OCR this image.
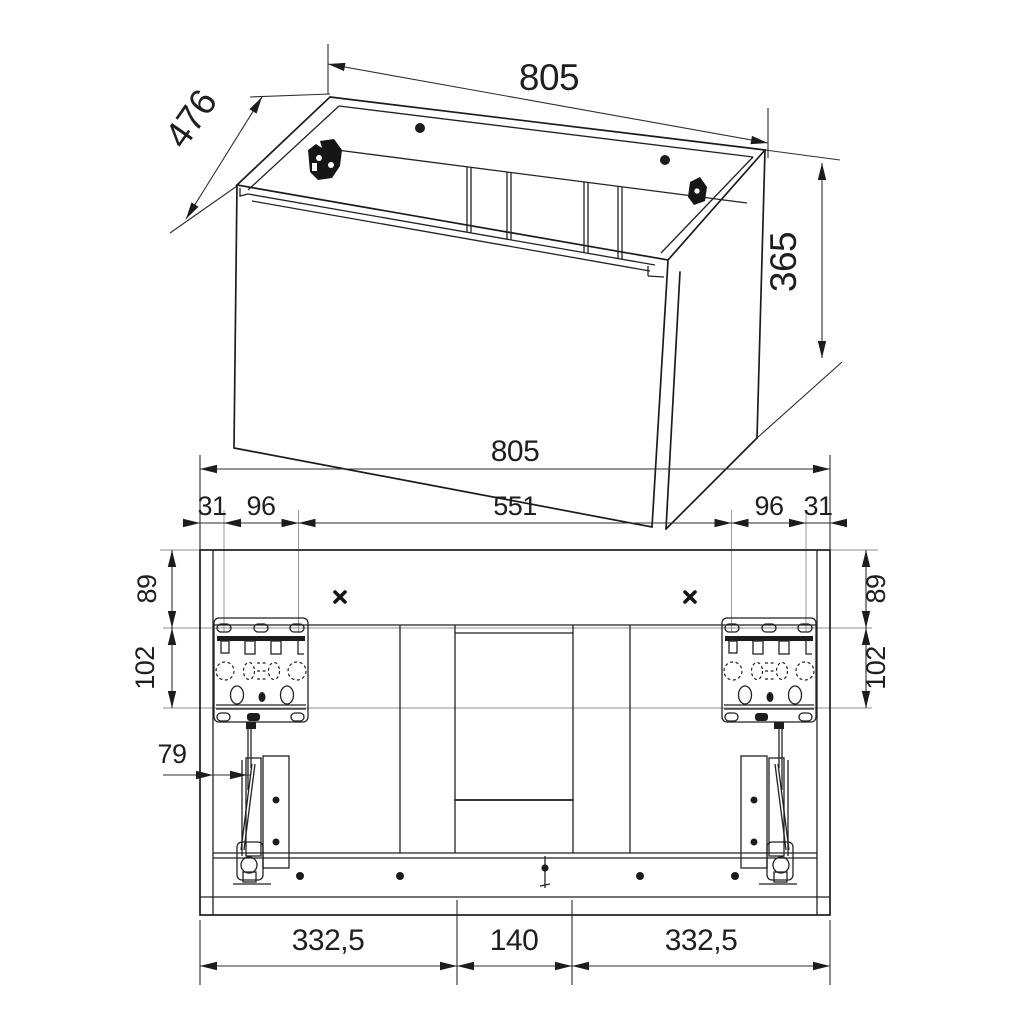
805
476
365
805
31 96	551	96 31
89
102
89
102
79
332,5	140	332,5
